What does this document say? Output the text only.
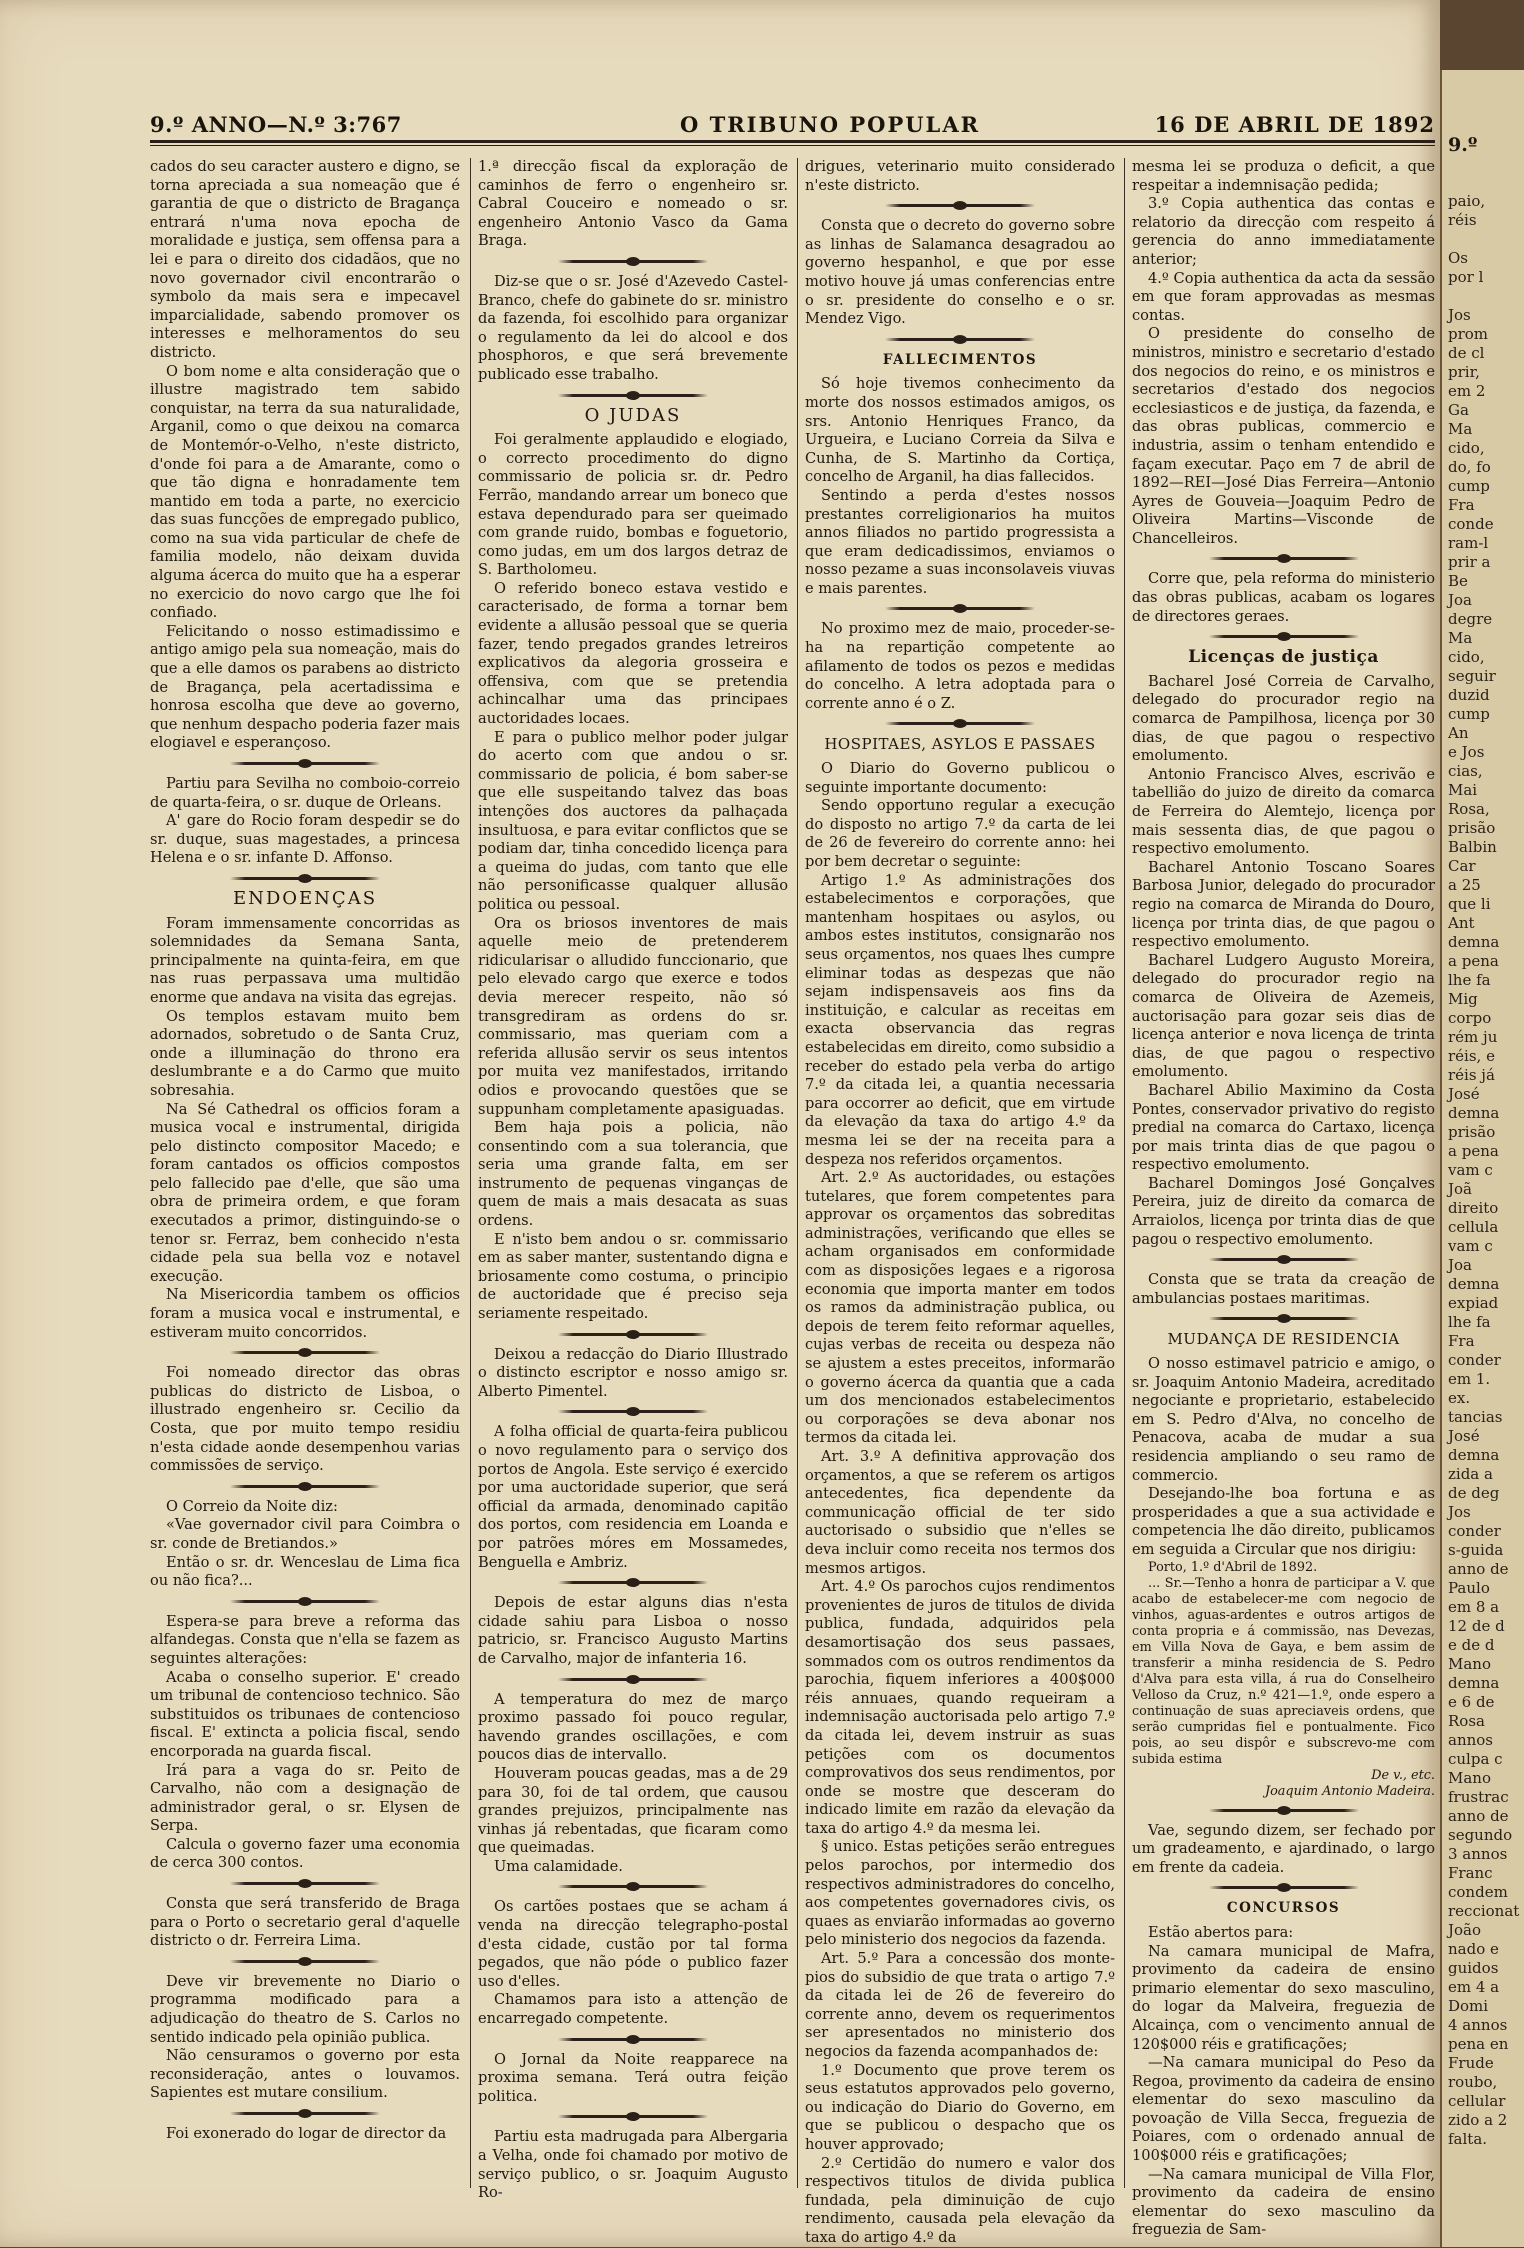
9.º ANNO—N.º 3:767	O TRIBUNO POPULAR	16 DE ABRIL DE 1892

cados do seu caracter austero e digno, se torna apreciada a sua nomeação que é garantia de que o districto de Bragança entrará n'uma nova epocha de moralidade e justiça, sem offensa para a lei e para o direito dos cidadãos, que no novo governador civil encontrarão o symbolo da mais sera e impecavel imparcialidade, sabendo promover os interesses e melhoramentos do seu districto.

O bom nome e alta consideração que o illustre magistrado tem sabido conquistar, na terra da sua naturalidade, Arganil, como o que deixou na comarca de Montemór-o-Velho, n'este districto, d'onde foi para a de Amarante, como o que tão digna e honradamente tem mantido em toda a parte, no exercicio das suas funcções de empregado publico, como na sua vida particular de chefe de familia modelo, não deixam duvida alguma ácerca do muito que ha a esperar no exercicio do novo cargo que lhe foi confiado.

Felicitando o nosso estimadissimo e antigo amigo pela sua nomeação, mais do que a elle damos os parabens ao districto de Bragança, pela acertadissima e honrosa escolha que deve ao governo, que nenhum despacho poderia fazer mais elogiavel e esperançoso.

Partiu para Sevilha no comboio-correio de quarta-feira, o sr. duque de Orleans.

A' gare do Rocio foram despedir se do sr. duque, suas magestades, a princesa Helena e o sr. infante D. Affonso.

ENDOENÇAS

Foram immensamente concorridas as solemnidades da Semana Santa, principalmente na quinta-feira, em que nas ruas perpassava uma multidão enorme que andava na visita das egrejas.

Os templos estavam muito bem adornados, sobretudo o de Santa Cruz, onde a illuminação do throno era deslumbrante e a do Carmo que muito sobresahia.

Na Sé Cathedral os officios foram a musica vocal e instrumental, dirigida pelo distincto compositor Macedo; e foram cantados os officios compostos pelo fallecido pae d'elle, que são uma obra de primeira ordem, e que foram executados a primor, distinguindo-se o tenor sr. Ferraz, bem conhecido n'esta cidade pela sua bella voz e notavel execução.

Na Misericordia tambem os officios foram a musica vocal e instrumental, e estiveram muito concorridos.

Foi nomeado director das obras publicas do districto de Lisboa, o illustrado engenheiro sr. Cecilio da Costa, que por muito tempo residiu n'esta cidade aonde desempenhou varias commissões de serviço.

O Correio da Noite diz:

«Vae governador civil para Coimbra o sr. conde de Bretiandos.»

Então o sr. dr. Wenceslau de Lima fica ou não fica?...

Espera-se para breve a reforma das alfandegas. Consta que n'ella se fazem as seguintes alterações:

Acaba o conselho superior. E' creado um tribunal de contencioso technico. São substituidos os tribunaes de contencioso fiscal. E' extincta a policia fiscal, sendo encorporada na guarda fiscal.

Irá para a vaga do sr. Peito de Carvalho, não com a designação de administrador geral, o sr. Elysen de Serpa.

Calcula o governo fazer uma economia de cerca 300 contos.

Consta que será transferido de Braga para o Porto o secretario geral d'aquelle districto o dr. Ferreira Lima.

Deve vir brevemente no Diario o programma modificado para a adjudicação do theatro de S. Carlos no sentido indicado pela opinião publica.

Não censuramos o governo por esta reconsideração, antes o louvamos. Sapientes est mutare consilium.

Foi exonerado do logar de director da

1.ª direcção fiscal da exploração de caminhos de ferro o engenheiro sr. Cabral Couceiro e nomeado o sr. engenheiro Antonio Vasco da Gama Braga.

Diz-se que o sr. José d'Azevedo Castel-Branco, chefe do gabinete do sr. ministro da fazenda, foi escolhido para organizar o regulamento da lei do alcool e dos phosphoros, e que será brevemente publicado esse trabalho.

O JUDAS

Foi geralmente applaudido e elogiado, o correcto procedimento do digno commissario de policia sr. dr. Pedro Ferrão, mandando arrear um boneco que estava dependurado para ser queimado com grande ruido, bombas e foguetorio, como judas, em um dos largos detraz de S. Bartholomeu.

O referido boneco estava vestido e caracterisado, de forma a tornar bem evidente a allusão pessoal que se queria fazer, tendo pregados grandes letreiros explicativos da alegoria grosseira e offensiva, com que se pretendia achincalhar uma das principaes auctoridades locaes.

E para o publico melhor poder julgar do acerto com que andou o sr. commissario de policia, é bom saber-se que elle suspeitando talvez das boas intenções dos auctores da palhaçada insultuosa, e para evitar conflictos que se podiam dar, tinha concedido licença para a queima do judas, com tanto que elle não personificasse qualquer allusão politica ou pessoal.

Ora os briosos inventores de mais aquelle meio de pretenderem ridicularisar o alludido funccionario, que pelo elevado cargo que exerce e todos devia merecer respeito, não só transgrediram as ordens do sr. commissario, mas queriam com a referida allusão servir os seus intentos por muita vez manifestados, irritando odios e provocando questões que se suppunham completamente apasiguadas.

Bem haja pois a policia, não consentindo com a sua tolerancia, que seria uma grande falta, em ser instrumento de pequenas vinganças de quem de mais a mais desacata as suas ordens.

E n'isto bem andou o sr. commissario em as saber manter, sustentando digna e briosamente como costuma, o principio de auctoridade que é preciso seja seriamente respeitado.

Deixou a redacção do Diario Illustrado o distincto escriptor e nosso amigo sr. Alberto Pimentel.

A folha official de quarta-feira publicou o novo regulamento para o serviço dos portos de Angola. Este serviço é exercido por uma auctoridade superior, que será official da armada, denominado capitão dos portos, com residencia em Loanda e por patrões móres em Mossamedes, Benguella e Ambriz.

Depois de estar alguns dias n'esta cidade sahiu para Lisboa o nosso patricio, sr. Francisco Augusto Martins de Carvalho, major de infanteria 16.

A temperatura do mez de março proximo passado foi pouco regular, havendo grandes oscillações, e com poucos dias de intervallo.

Houveram poucas geadas, mas a de 29 para 30, foi de tal ordem, que causou grandes prejuizos, principalmente nas vinhas já rebentadas, que ficaram como que queimadas.

Uma calamidade.

Os cartões postaes que se acham á venda na direcção telegrapho-postal d'esta cidade, custão por tal forma pegados, que não póde o publico fazer uso d'elles.

Chamamos para isto a attenção de encarregado competente.

O Jornal da Noite reapparece na proxima semana. Terá outra feição politica.

Partiu esta madrugada para Albergaria a Velha, onde foi chamado por motivo de serviço publico, o sr. Joaquim Augusto Ro-

drigues, veterinario muito considerado n'este districto.

Consta que o decreto do governo sobre as linhas de Salamanca desagradou ao governo hespanhol, e que por esse motivo houve já umas conferencias entre o sr. presidente do conselho e o sr. Mendez Vigo.

FALLECIMENTOS

Só hoje tivemos conhecimento da morte dos nossos estimados amigos, os srs. Antonio Henriques Franco, da Urgueira, e Luciano Correia da Silva e Cunha, de S. Martinho da Cortiça, concelho de Arganil, ha dias fallecidos.

Sentindo a perda d'estes nossos prestantes correligionarios ha muitos annos filiados no partido progressista a que eram dedicadissimos, enviamos o nosso pezame a suas inconsolaveis viuvas e mais parentes.

No proximo mez de maio, proceder-se-ha na repartição competente ao afilamento de todos os pezos e medidas do concelho. A letra adoptada para o corrente anno é o Z.

HOSPITAES, ASYLOS E PASSAES

O Diario do Governo publicou o seguinte importante documento:

Sendo opportuno regular a execução do disposto no artigo 7.º da carta de lei de 26 de fevereiro do corrente anno: hei por bem decretar o seguinte:

Artigo 1.º As administrações dos estabelecimentos e corporações, que mantenham hospitaes ou asylos, ou ambos estes institutos, consignarão nos seus orçamentos, nos quaes lhes cumpre eliminar todas as despezas que não sejam indispensaveis aos fins da instituição, e calcular as receitas em exacta observancia das regras estabelecidas em direito, como subsidio a receber do estado pela verba do artigo 7.º da citada lei, a quantia necessaria para occorrer ao deficit, que em virtude da elevação da taxa do artigo 4.º da mesma lei se der na receita para a despeza nos referidos orçamentos.

Art. 2.º As auctoridades, ou estações tutelares, que forem competentes para approvar os orçamentos das sobreditas administrações, verificando que elles se acham organisados em conformidade com as disposições legaes e a rigorosa economia que importa manter em todos os ramos da administração publica, ou depois de terem feito reformar aquelles, cujas verbas de receita ou despeza não se ajustem a estes preceitos, informarão o governo ácerca da quantia que a cada um dos mencionados estabelecimentos ou corporações se deva abonar nos termos da citada lei.

Art. 3.º A definitiva approvação dos orçamentos, a que se referem os artigos antecedentes, fica dependente da communicação official de ter sido auctorisado o subsidio que n'elles se deva incluir como receita nos termos dos mesmos artigos.

Art. 4.º Os parochos cujos rendimentos provenientes de juros de titulos de divida publica, fundada, adquiridos pela desamortisação dos seus passaes, sommados com os outros rendimentos da parochia, fiquem inferiores a 400$000 réis annuaes, quando requeiram a indemnisação auctorisada pelo artigo 7.º da citada lei, devem instruir as suas petições com os documentos comprovativos dos seus rendimentos, por onde se mostre que desceram do indicado limite em razão da elevação da taxa do artigo 4.º da mesma lei.

§ unico. Estas petições serão entregues pelos parochos, por intermedio dos respectivos administradores do concelho, aos competentes governadores civis, os quaes as enviarão informadas ao governo pelo ministerio dos negocios da fazenda.

Art. 5.º Para a concessão dos monte-pios do subsidio de que trata o artigo 7.º da citada lei de 26 de fevereiro do corrente anno, devem os requerimentos ser apresentados no ministerio dos negocios da fazenda acompanhados de:

1.º Documento que prove terem os seus estatutos approvados pelo governo, ou indicação do Diario do Governo, em que se publicou o despacho que os houver approvado;

2.º Certidão do numero e valor dos respectivos titulos de divida publica fundada, pela diminuição de cujo rendimento, causada pela elevação da taxa do artigo 4.º da

mesma lei se produza o deficit, a que respeitar a indemnisação pedida;

3.º Copia authentica das contas e relatorio da direcção com respeito á gerencia do anno immediatamente anterior;

4.º Copia authentica da acta da sessão em que foram approvadas as mesmas contas.

O presidente do conselho de ministros, ministro e secretario d'estado dos negocios do reino, e os ministros e secretarios d'estado dos negocios ecclesiasticos e de justiça, da fazenda, e das obras publicas, commercio e industria, assim o tenham entendido e façam executar. Paço em 7 de abril de 1892—REI—José Dias Ferreira—Antonio Ayres de Gouveia—Joaquim Pedro de Oliveira Martins—Visconde de Chancelleiros.

Corre que, pela reforma do ministerio das obras publicas, acabam os logares de directores geraes.

Licenças de justiça

Bacharel José Correia de Carvalho, delegado do procurador regio na comarca de Pampilhosa, licença por 30 dias, de que pagou o respectivo emolumento.

Antonio Francisco Alves, escrivão e tabellião do juizo de direito da comarca de Ferreira do Alemtejo, licença por mais sessenta dias, de que pagou o respectivo emolumento.

Bacharel Antonio Toscano Soares Barbosa Junior, delegado do procurador regio na comarca de Miranda do Douro, licença por trinta dias, de que pagou o respectivo emolumento.

Bacharel Ludgero Augusto Moreira, delegado do procurador regio na comarca de Oliveira de Azemeis, auctorisação para gozar seis dias de licença anterior e nova licença de trinta dias, de que pagou o respectivo emolumento.

Bacharel Abilio Maximino da Costa Pontes, conservador privativo do registo predial na comarca do Cartaxo, licença por mais trinta dias de que pagou o respectivo emolumento.

Bacharel Domingos José Gonçalves Pereira, juiz de direito da comarca de Arraiolos, licença por trinta dias de que pagou o respectivo emolumento.

Consta que se trata da creação de ambulancias postaes maritimas.

MUDANÇA DE RESIDENCIA

O nosso estimavel patricio e amigo, o sr. Joaquim Antonio Madeira, acreditado negociante e proprietario, estabelecido em S. Pedro d'Alva, no concelho de Penacova, acaba de mudar a sua residencia ampliando o seu ramo de commercio.

Desejando-lhe boa fortuna e as prosperidades a que a sua actividade e competencia lhe dão direito, publicamos em seguida a Circular que nos dirigiu:

Porto, 1.º d'Abril de 1892.

... Sr.—Tenho a honra de participar a V. que acabo de estabelecer-me com negocio de vinhos, aguas-ardentes e outros artigos de conta propria e á commissão, nas Devezas, em Villa Nova de Gaya, e bem assim de transferir a minha residencia de S. Pedro d'Alva para esta villa, á rua do Conselheiro Velloso da Cruz, n.º 421—1.º, onde espero a continuação de suas apreciaveis ordens, que serão cumpridas fiel e pontualmente. Fico pois, ao seu dispôr e subscrevo-me com subida estima

De v., etc.

Joaquim Antonio Madeira.

Vae, segundo dizem, ser fechado por um gradeamento, e ajardinado, o largo em frente da cadeia.

CONCURSOS

Estão abertos para:

Na camara municipal de Mafra, provimento da cadeira de ensino primario elementar do sexo masculino, do logar da Malveira, freguezia de Alcainça, com o vencimento annual de 120$000 réis e gratificações;

—Na camara municipal do Peso da Regoa, provimento da cadeira de ensino elementar do sexo masculino da povoação de Villa Secca, freguezia de Poiares, com o ordenado annual de 100$000 réis e gratificações;

—Na camara municipal de Villa Flor, provimento da cadeira de ensino elementar do sexo masculino da freguezia de Sam-

9.º
paio,
réis

Os
por l

Jos
prom
de cl
prir,
em 2
Ga
Ma
cido,
do, fo
cump
Fra
conde
ram-l
prir a
Be
Joa
degre
Ma
cido,
seguir
duzid
cump
An
e Jos
cias,
Mai
Rosa,
prisão
Balbin
Car
a 25
que li
Ant
demna
a pena
lhe fa
Mig
corpo
rém ju
réis, e
réis já
José
demna
prisão
a pena
vam c
Joã
direito
cellula
vam c
Joa
demna
expiad
lhe fa
Fra
conder
em 1.
ex.
tancias
José
demna
zida a
de deg
Jos
conder
s-guida
anno de
Paulo
em 8 a
12 de d
e de d
Mano
demna
e 6 de
Rosa
annos
culpa c
Mano
frustrac
anno de
segundo
3 annos
Franc
condem
reccionat
João
nado e
guidos
em 4 a
Domi
4 annos
pena en
Frude
roubo,
cellular
zido a 2
falta.
